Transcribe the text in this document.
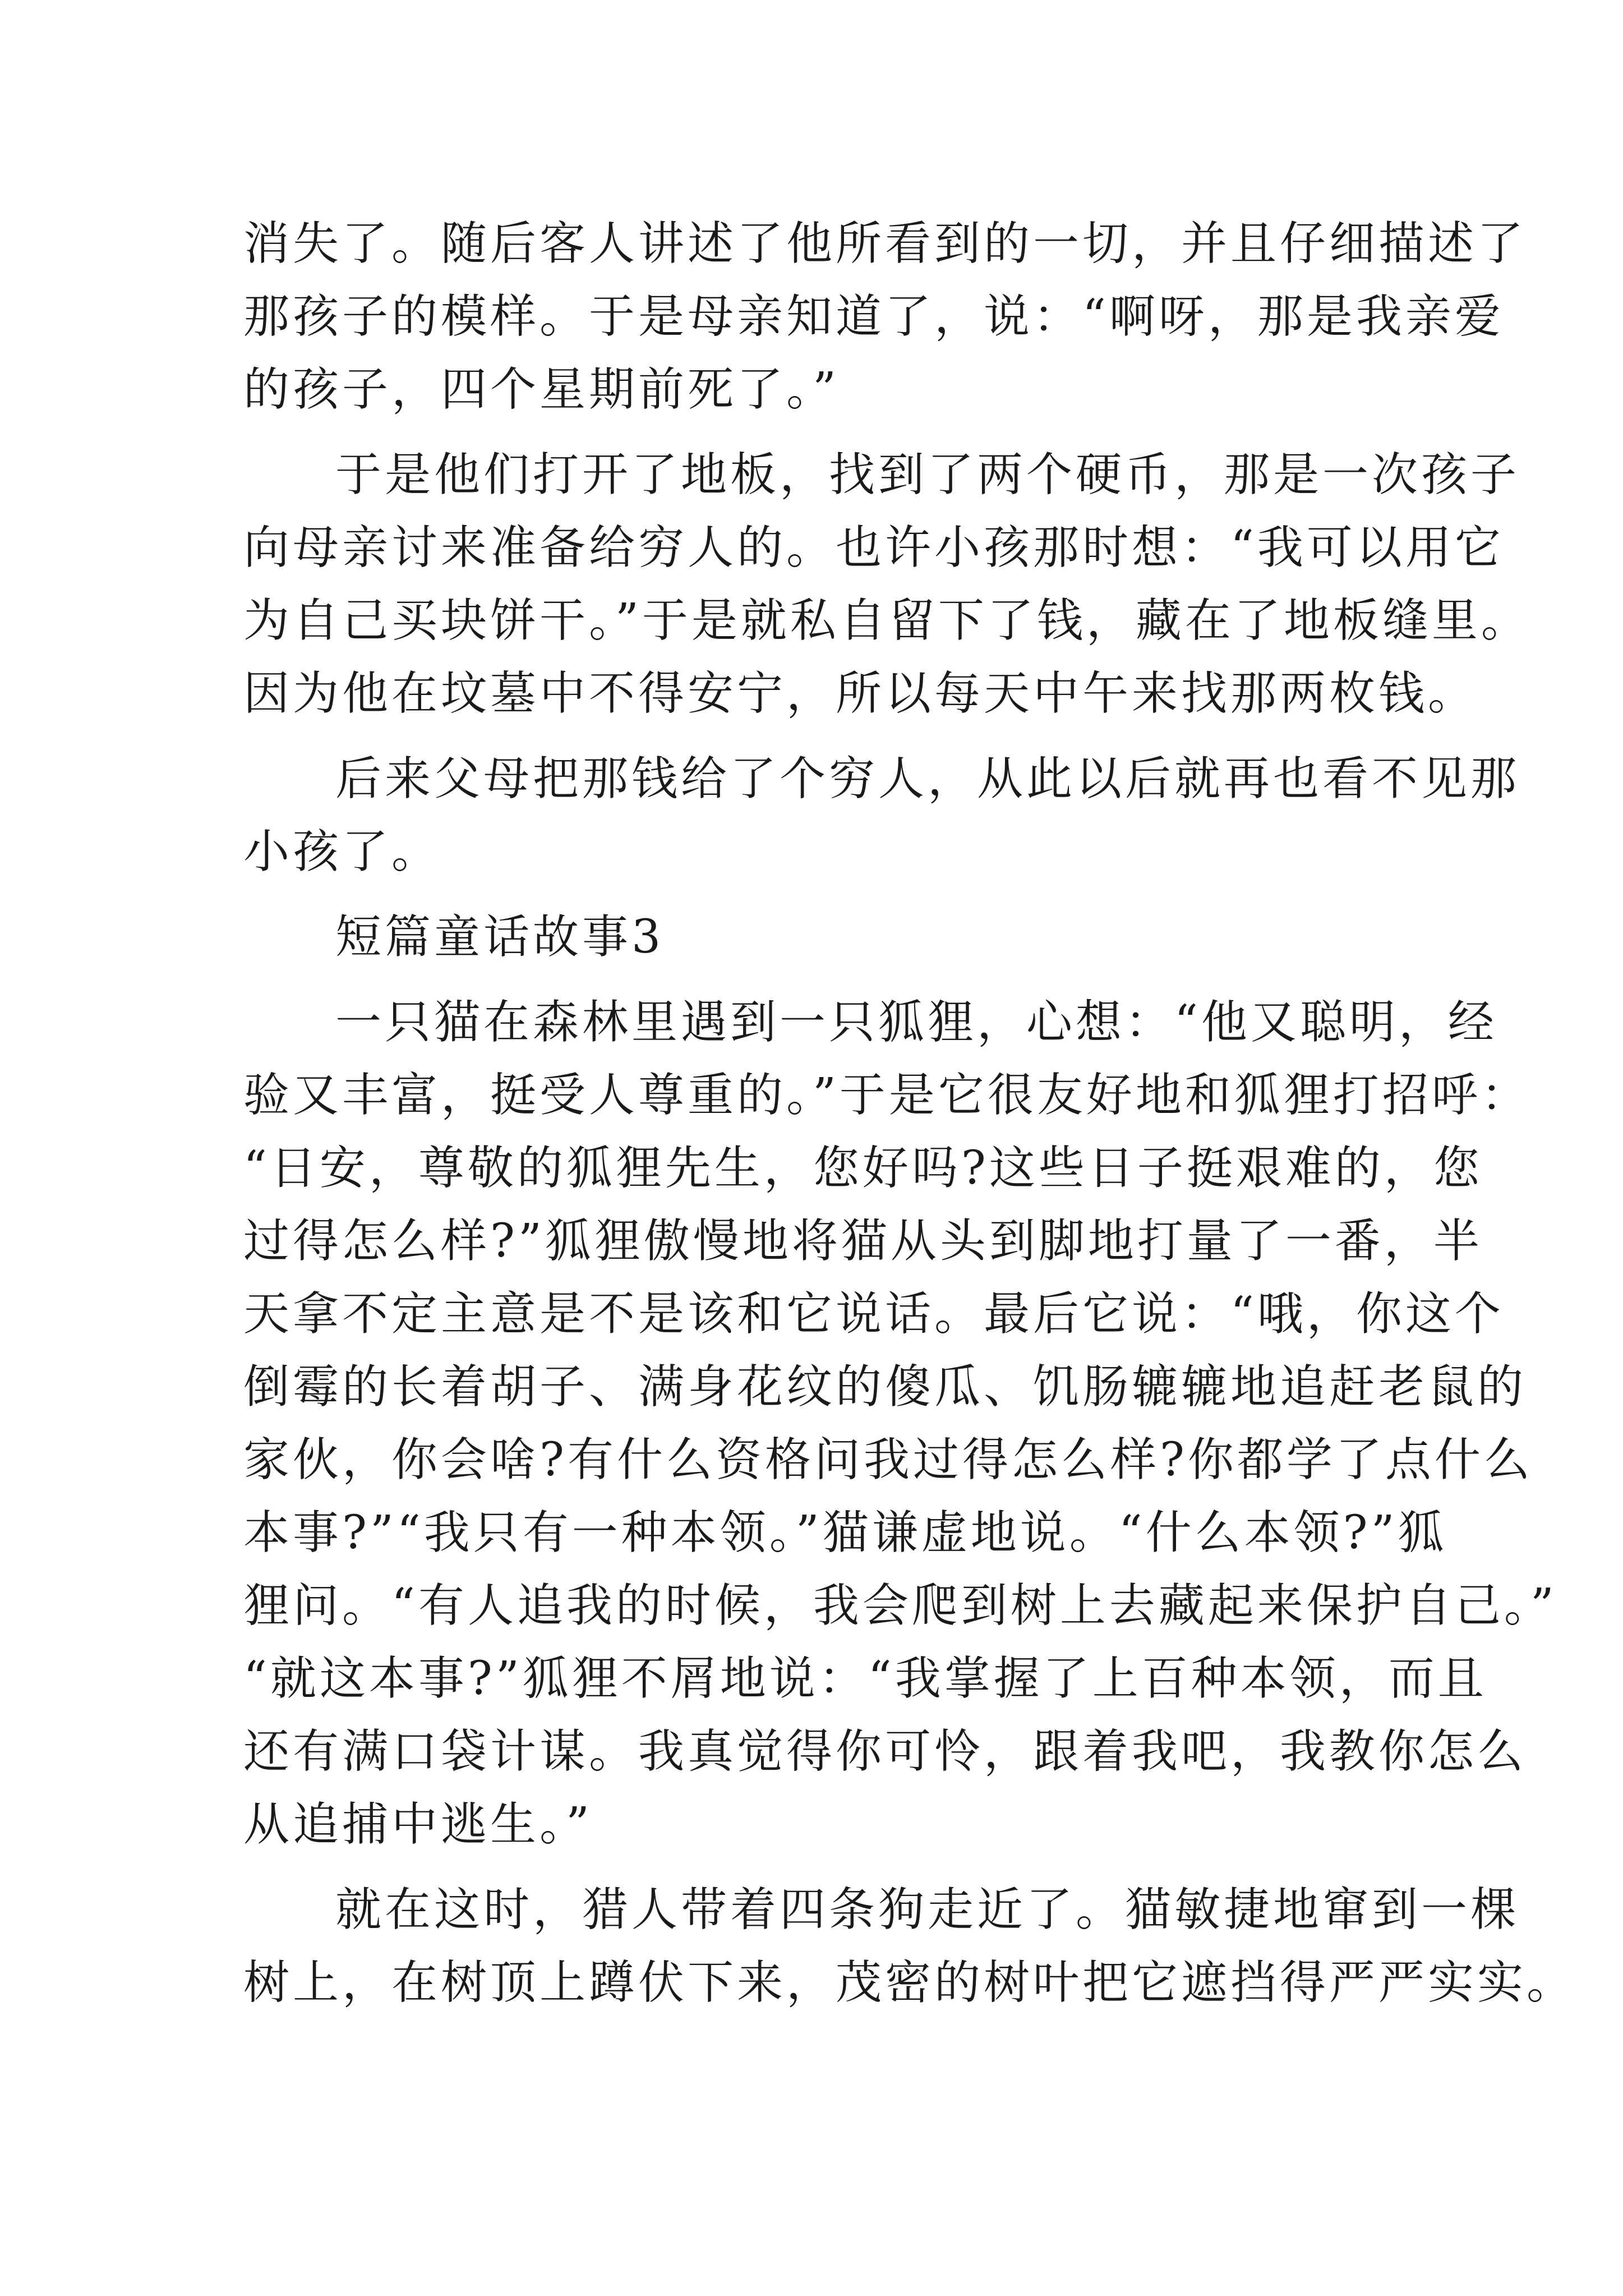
消失了。随后客人讲述了他所看到的一切，并且仔细描述了
那孩子的模样。于是母亲知道了，说：“啊呀，那是我亲爱
的孩子，四个星期前死了。”
于是他们打开了地板，找到了两个硬币，那是一次孩子
向母亲讨来准备给穷人的。也许小孩那时想：“我可以用它
为自己买块饼干。”于是就私自留下了钱，藏在了地板缝里。
因为他在坟墓中不得安宁，所以每天中午来找那两枚钱。
后来父母把那钱给了个穷人，从此以后就再也看不见那
小孩了。
短篇童话故事3
一只猫在森林里遇到一只狐狸，心想：“他又聪明，经
验又丰富，挺受人尊重的。”于是它很友好地和狐狸打招呼：
“日安，尊敬的狐狸先生，您好吗?这些日子挺艰难的，您
过得怎么样?”狐狸傲慢地将猫从头到脚地打量了一番，半
天拿不定主意是不是该和它说话。最后它说：“哦，你这个
倒霉的长着胡子、满身花纹的傻瓜、饥肠辘辘地追赶老鼠的
家伙，你会啥?有什么资格问我过得怎么样?你都学了点什么
本事?”“我只有一种本领。”猫谦虚地说。“什么本领?”狐
狸问。“有人追我的时候，我会爬到树上去藏起来保护自己。”
“就这本事?”狐狸不屑地说：“我掌握了上百种本领，而且
还有满口袋计谋。我真觉得你可怜，跟着我吧，我教你怎么
从追捕中逃生。”
就在这时，猎人带着四条狗走近了。猫敏捷地窜到一棵
树上，在树顶上蹲伏下来，茂密的树叶把它遮挡得严严实实。
